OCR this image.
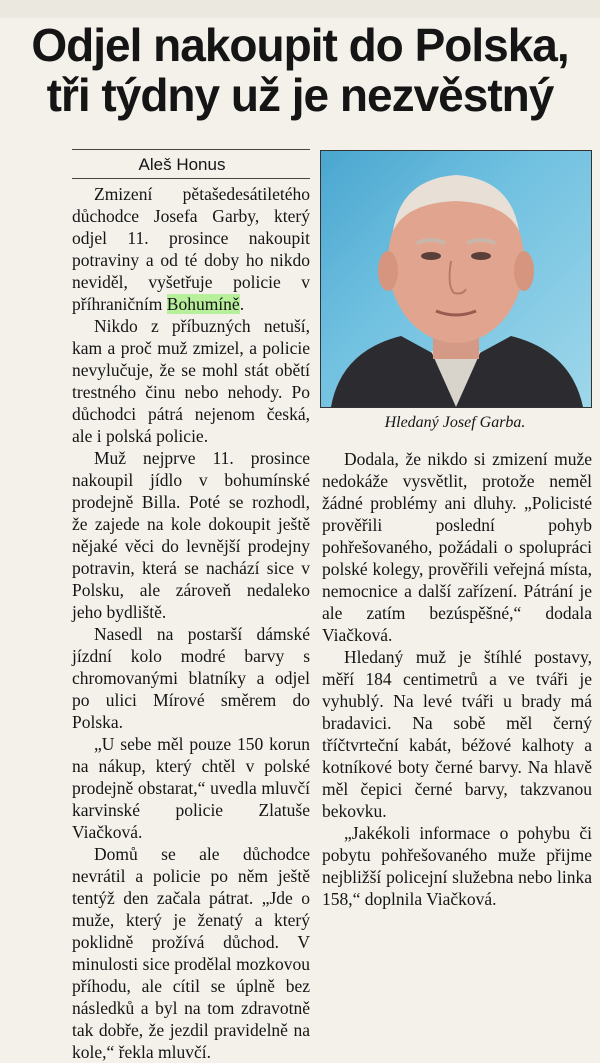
Odjel nakoupit do Polska,
tři týdny už je nezvěstný
Aleš Honus

Zmizení pětašedesátiletého důchodce Josefa Garby, který odjel 11. prosince nakoupit potraviny a od té doby ho nikdo neviděl, vyšetřuje policie v příhraničním Bohumíně.

Nikdo z příbuzných netuší, kam a proč muž zmizel, a policie nevylučuje, že se mohl stát obětí trestného činu nebo nehody. Po důchodci pátrá nejenom česká, ale i polská policie.

Muž nejprve 11. prosince nakoupil jídlo v bohumínské prodejně Billa. Poté se rozhodl, že zajede na kole dokoupit ještě nějaké věci do levnější prodejny potravin, která se nachází sice v Polsku, ale zároveň nedaleko jeho bydliště.

Nasedl na postarší dámské jízdní kolo modré barvy s chromovanými blatníky a odjel po ulici Mírové směrem do Polska.

„U sebe měl pouze 150 korun na nákup, který chtěl v polské prodejně obstarat,“ uvedla mluvčí karvinské policie Zlatuše Viačková.

Domů se ale důchodce nevrátil a policie po něm ještě tentýž den začala pátrat. „Jde o muže, který je ženatý a který poklidně prožívá důchod. V minulosti sice prodělal mozkovou příhodu, ale cítil se úplně bez následků a byl na tom zdravotně tak dobře, že jezdil pravidelně na kole,“ řekla mluvčí.

Hledaný Josef Garba.

Dodala, že nikdo si zmizení muže nedokáže vysvětlit, protože neměl žádné problémy ani dluhy. „Policisté prověřili poslední pohyb pohřešovaného, požádali o spolupráci polské kolegy, prověřili veřejná místa, nemocnice a další zařízení. Pátrání je ale zatím bezúspěšné,“ dodala Viačková.

Hledaný muž je štíhlé postavy, měří 184 centimetrů a ve tváři je vyhublý. Na levé tváři u brady má bradavici. Na sobě měl černý tříčtvrteční kabát, béžové kalhoty a kotníkové boty černé barvy. Na hlavě měl čepici černé barvy, takzvanou bekovku.

„Jakékoli informace o pohybu či pobytu pohřešovaného muže přijme nejbližší policejní služebna nebo linka 158,“ doplnila Viačková.
